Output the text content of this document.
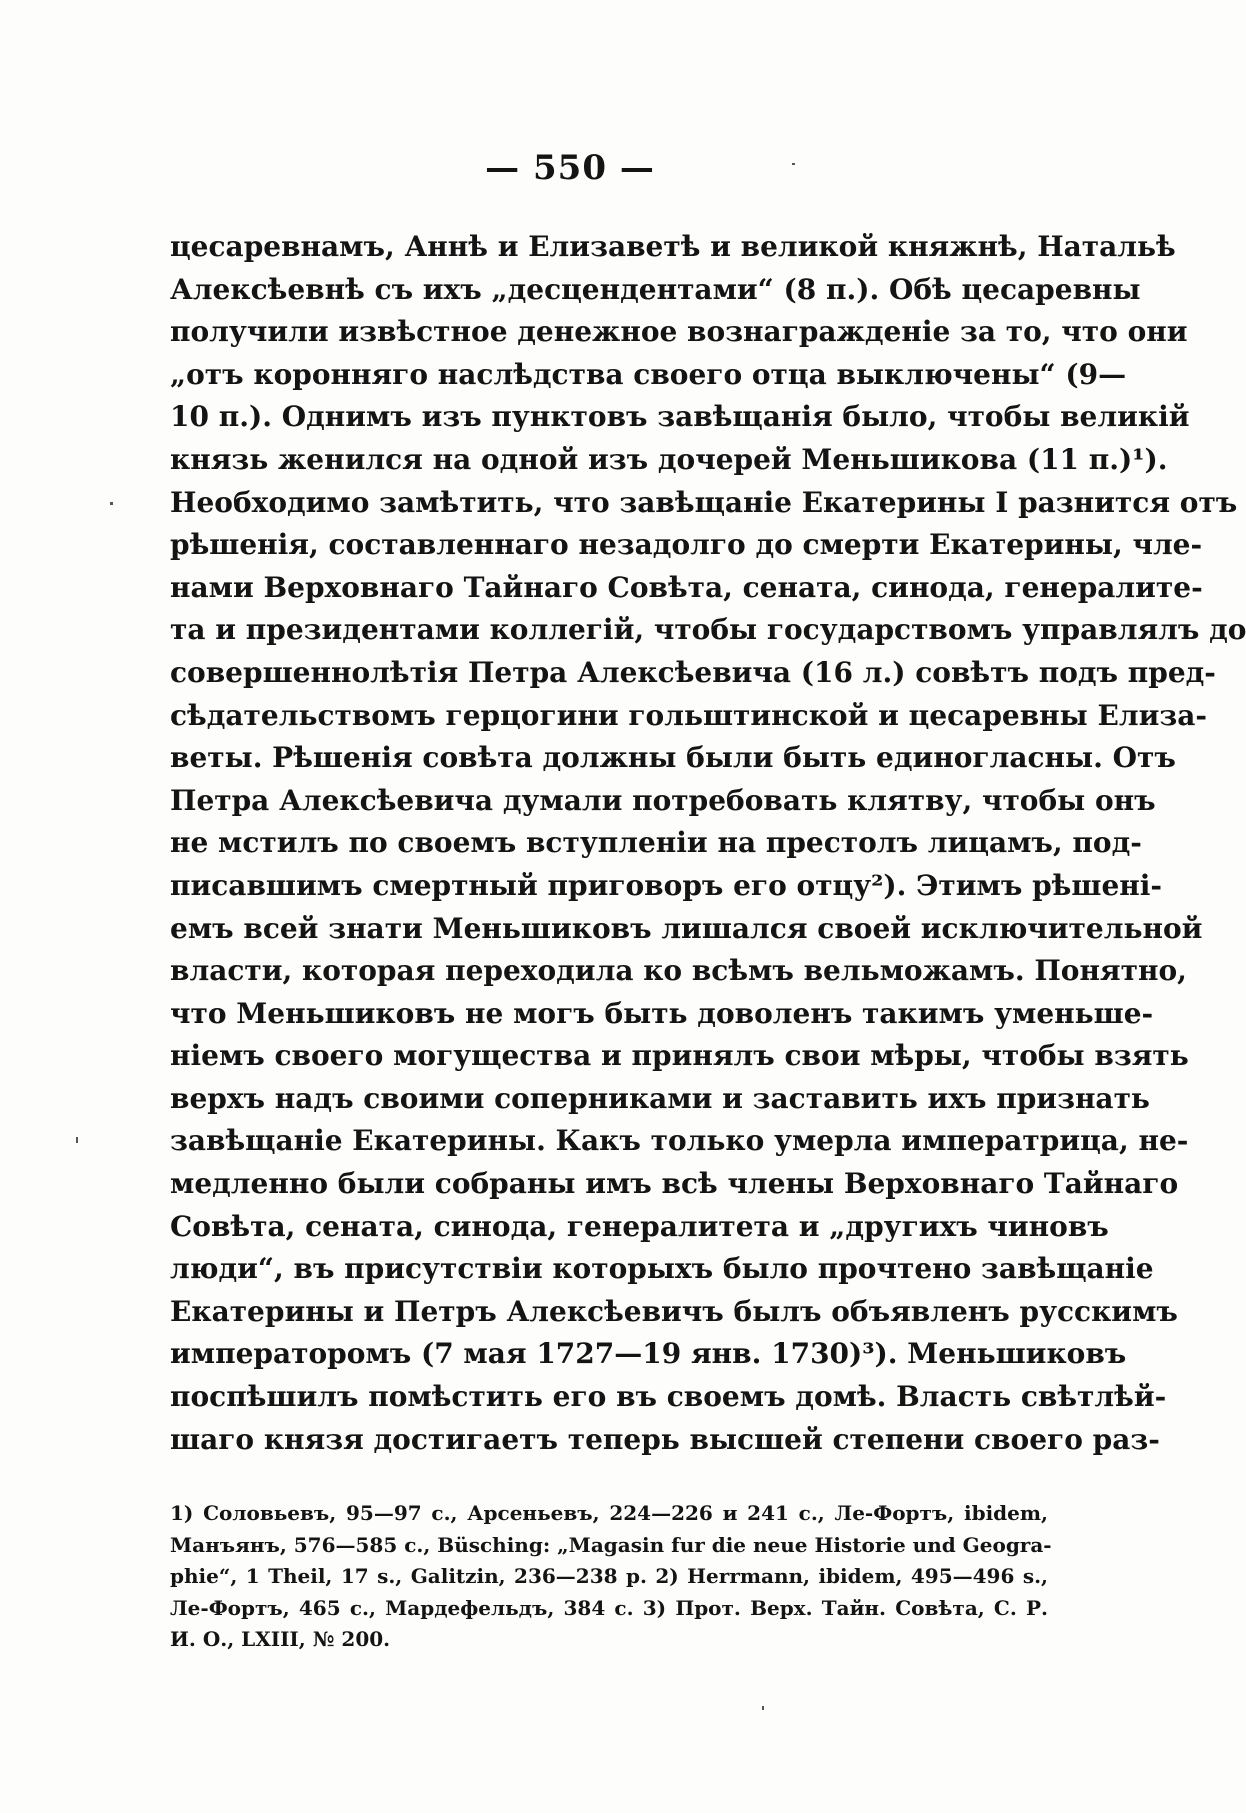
— 550 —
цесаревнамъ, Аннѣ и Елизаветѣ и великой княжнѣ, Натальѣ
Алексѣевнѣ съ ихъ „десцендентами“ (8 п.). Обѣ цесаревны
получили извѣстное денежное вознагражденіе за то, что они
„отъ коронняго наслѣдства своего отца выключены“ (9—
10 п.). Однимъ изъ пунктовъ завѣщанія было, чтобы великій
князь женился на одной изъ дочерей Меньшикова (11 п.)¹).
Необходимо замѣтить, что завѣщаніе Екатерины I разнится отъ
рѣшенія, составленнаго незадолго до смерти Екатерины, чле-
нами Верховнаго Тайнаго Совѣта, сената, синода, генералите-
та и президентами коллегій, чтобы государствомъ управлялъ до
совершеннолѣтія Петра Алексѣевича (16 л.) совѣтъ подъ пред-
сѣдательствомъ герцогини гольштинской и цесаревны Елиза-
веты. Рѣшенія совѣта должны были быть единогласны. Отъ
Петра Алексѣевича думали потребовать клятву, чтобы онъ
не мстилъ по своемъ вступленіи на престолъ лицамъ, под-
писавшимъ смертный приговоръ его отцу²). Этимъ рѣшені-
емъ всей знати Меньшиковъ лишался своей исключительной
власти, которая переходила ко всѣмъ вельможамъ. Понятно,
что Меньшиковъ не могъ быть доволенъ такимъ уменьше-
ніемъ своего могущества и принялъ свои мѣры, чтобы взять
верхъ надъ своими соперниками и заставить ихъ признать
завѣщаніе Екатерины. Какъ только умерла императрица, не-
медленно были собраны имъ всѣ члены Верховнаго Тайнаго
Совѣта, сената, синода, генералитета и „другихъ чиновъ
люди“, въ присутствіи которыхъ было прочтено завѣщаніе
Екатерины и Петръ Алексѣевичъ былъ объявленъ русскимъ
императоромъ (7 мая 1727—19 янв. 1730)³). Меньшиковъ
поспѣшилъ помѣстить его въ своемъ домѣ. Власть свѣтлѣй-
шаго князя достигаетъ теперь высшей степени своего раз-
1) Соловьевъ, 95—97 с., Арсеньевъ, 224—226 и 241 с., Ле-Фортъ, ibidem,
Манъянъ, 576—585 с., Büsching: „Magasin fur die neue Historie und Geogra-
phie“, 1 Theil, 17 s., Galitzin, 236—238 p. 2) Herrmann, ibidem, 495—496 s.,
Ле-Фортъ, 465 с., Мардефельдъ, 384 с. 3) Прот. Верх. Тайн. Совѣта, С. Р.
И. О., LXIII, № 200.
